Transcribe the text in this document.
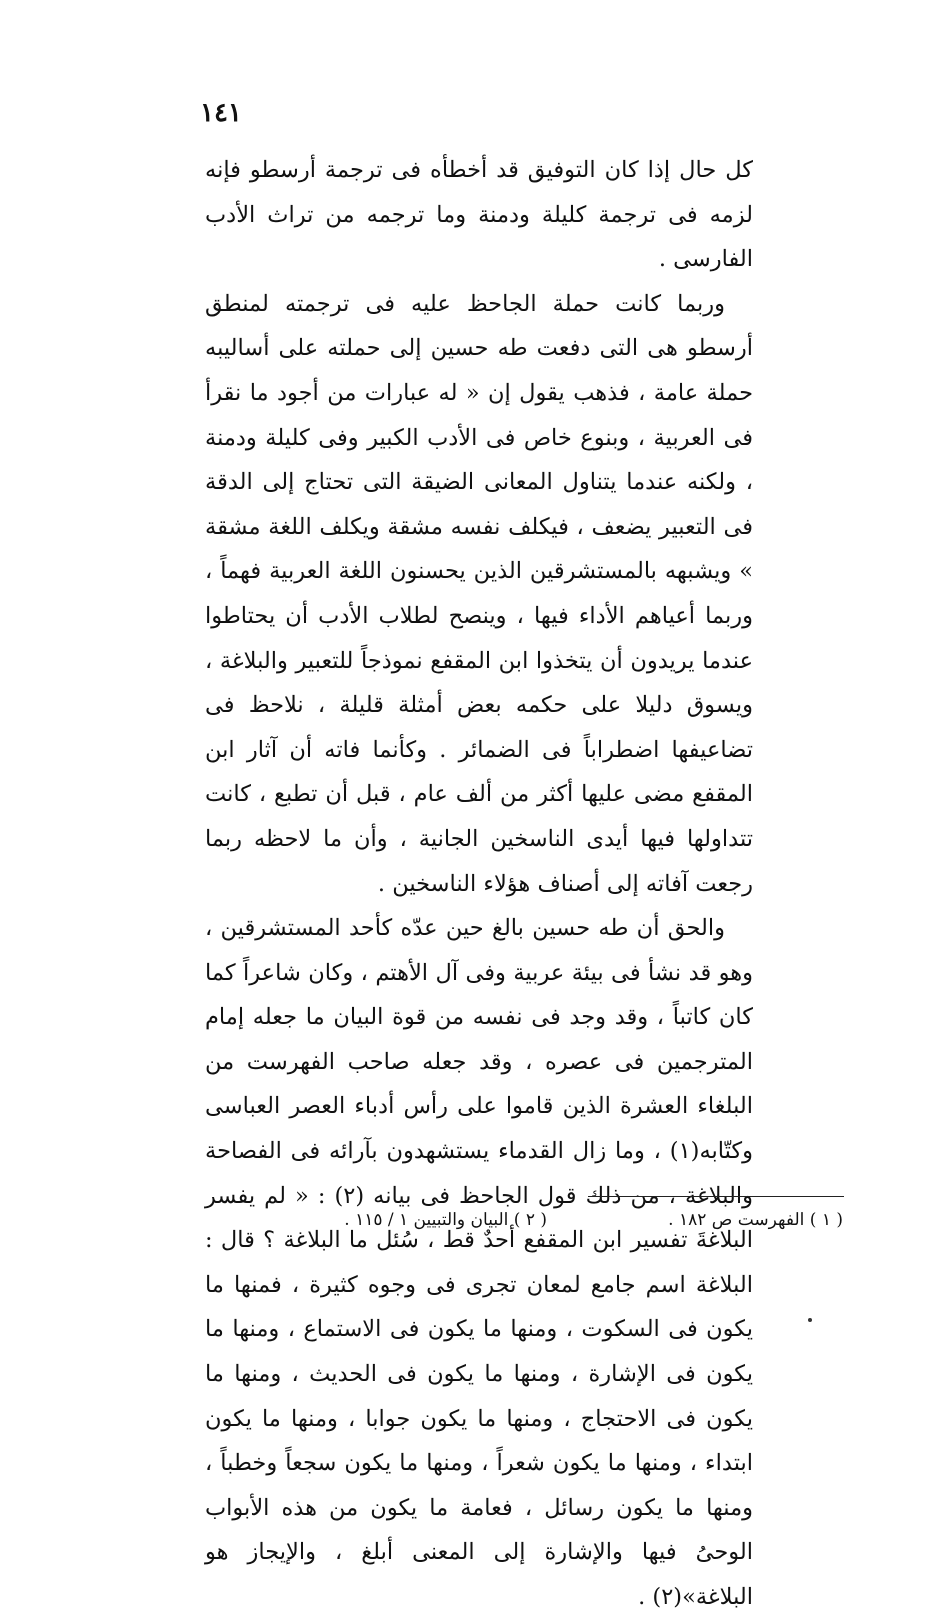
١٤١

كل حال إذا كان التوفيق قد أخطأه فى ترجمة أرسطو فإنه لزمه فى ترجمة كليلة ودمنة وما ترجمه من تراث الأدب الفارسى .

وربما كانت حملة الجاحظ عليه فى ترجمته لمنطق أرسطو هى التى دفعت طه حسين إلى حملته على أساليبه حملة عامة ، فذهب يقول إن « له عبارات من أجود ما نقرأ فى العربية ، وبنوع خاص فى الأدب الكبير وفى كليلة ودمنة ، ولكنه عندما يتناول المعانى الضيقة التى تحتاج إلى الدقة فى التعبير يضعف ، فيكلف نفسه مشقة ويكلف اللغة مشقة » ويشبهه بالمستشرقين الذين يحسنون اللغة العربية فهماً ، وربما أعياهم الأداء فيها ، وينصح لطلاب الأدب أن يحتاطوا عندما يريدون أن يتخذوا ابن المقفع نموذجاً للتعبير والبلاغة ، ويسوق دليلا على حكمه بعض أمثلة قليلة ، نلاحظ فى تضاعيفها اضطراباً فى الضمائر . وكأنما فاته أن آثار ابن المقفع مضى عليها أكثر من ألف عام ، قبل أن تطبع ، كانت تتداولها فيها أيدى الناسخين الجانية ، وأن ما لاحظه ربما رجعت آفاته إلى أصناف هؤلاء الناسخين .

والحق أن طه حسين بالغ حين عدّه كأحد المستشرقين ، وهو قد نشأ فى بيئة عربية وفى آل الأهتم ، وكان شاعراً كما كان كاتباً ، وقد وجد فى نفسه من قوة البيان ما جعله إمام المترجمين فى عصره ، وقد جعله صاحب الفهرست من البلغاء العشرة الذين قاموا على رأس أدباء العصر العباسى وكتّابه(١) ، وما زال القدماء يستشهدون بآرائه فى الفصاحة والبلاغة ، من ذلك قول الجاحظ فى بيانه (٢) : « لم يفسر البلاغةَ تفسير ابن المقفع أحدٌ قط ، سُئل ما البلاغة ؟ قال : البلاغة اسم جامع لمعان تجرى فى وجوه كثيرة ، فمنها ما يكون فى السكوت ، ومنها ما يكون فى الاستماع ، ومنها ما يكون فى الإشارة ، ومنها ما يكون فى الحديث ، ومنها ما يكون فى الاحتجاج ، ومنها ما يكون جوابا ، ومنها ما يكون ابتداء ، ومنها ما يكون شعراً ، ومنها ما يكون سجعاً وخطباً ، ومنها ما يكون رسائل ، فعامة ما يكون من هذه الأبواب الوحىُ فيها والإشارة إلى المعنى أبلغ ، والإيجاز هو البلاغة»(٢) .

( ١ ) الفهرست ص ١٨٢ .
( ٢ ) البيان والتبيين ١ / ١١٥ .
